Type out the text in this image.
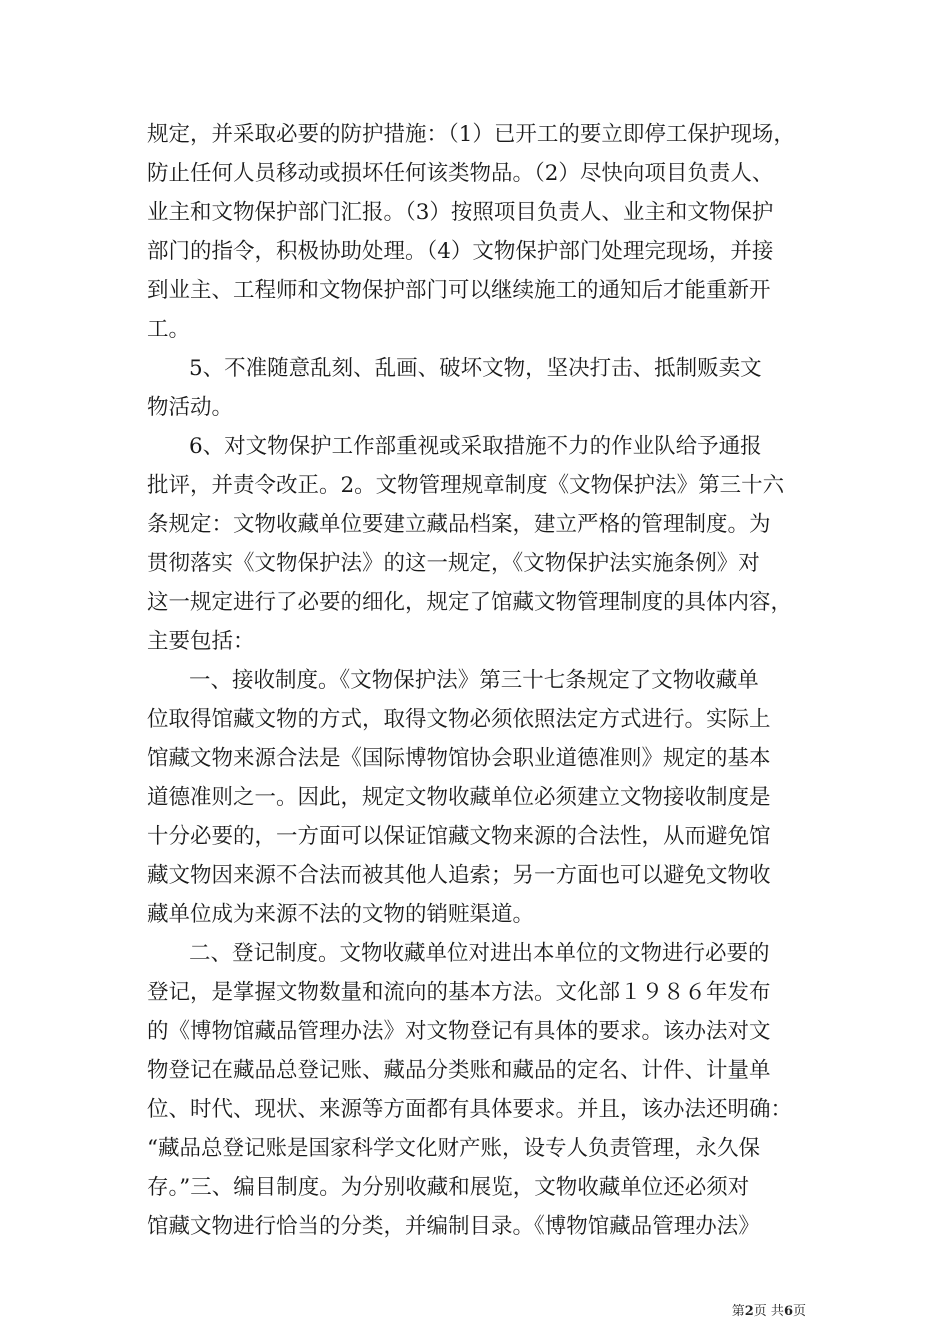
规定，并采取必要的防护措施：（1）已开工的要立即停工保护现场，
防止任何人员移动或损坏任何该类物品。（2）尽快向项目负责人、
业主和文物保护部门汇报。（3）按照项目负责人、业主和文物保护
部门的指令，积极协助处理。（4）文物保护部门处理完现场，并接
到业主、工程师和文物保护部门可以继续施工的通知后才能重新开
工。
5、不准随意乱刻、乱画、破坏文物，坚决打击、抵制贩卖文
物活动。
6、对文物保护工作部重视或采取措施不力的作业队给予通报
批评，并责令改正。2。文物管理规章制度《文物保护法》第三十六
条规定：文物收藏单位要建立藏品档案，建立严格的管理制度。为
贯彻落实《文物保护法》的这一规定，《文物保护法实施条例》对
这一规定进行了必要的细化，规定了馆藏文物管理制度的具体内容，
主要包括：
一、接收制度。《文物保护法》第三十七条规定了文物收藏单
位取得馆藏文物的方式，取得文物必须依照法定方式进行。实际上
馆藏文物来源合法是《国际博物馆协会职业道德准则》规定的基本
道德准则之一。因此，规定文物收藏单位必须建立文物接收制度是
十分必要的，一方面可以保证馆藏文物来源的合法性，从而避免馆
藏文物因来源不合法而被其他人追索；另一方面也可以避免文物收
藏单位成为来源不法的文物的销赃渠道。
二、登记制度。文物收藏单位对进出本单位的文物进行必要的
登记，是掌握文物数量和流向的基本方法。文化部１９８６年发布
的《博物馆藏品管理办法》对文物登记有具体的要求。该办法对文
物登记在藏品总登记账、藏品分类账和藏品的定名、计件、计量单
位、时代、现状、来源等方面都有具体要求。并且，该办法还明确：
“藏品总登记账是国家科学文化财产账，设专人负责管理，永久保
存。”三、编目制度。为分别收藏和展览，文物收藏单位还必须对
馆藏文物进行恰当的分类，并编制目录。《博物馆藏品管理办法》
第2页 共6页
